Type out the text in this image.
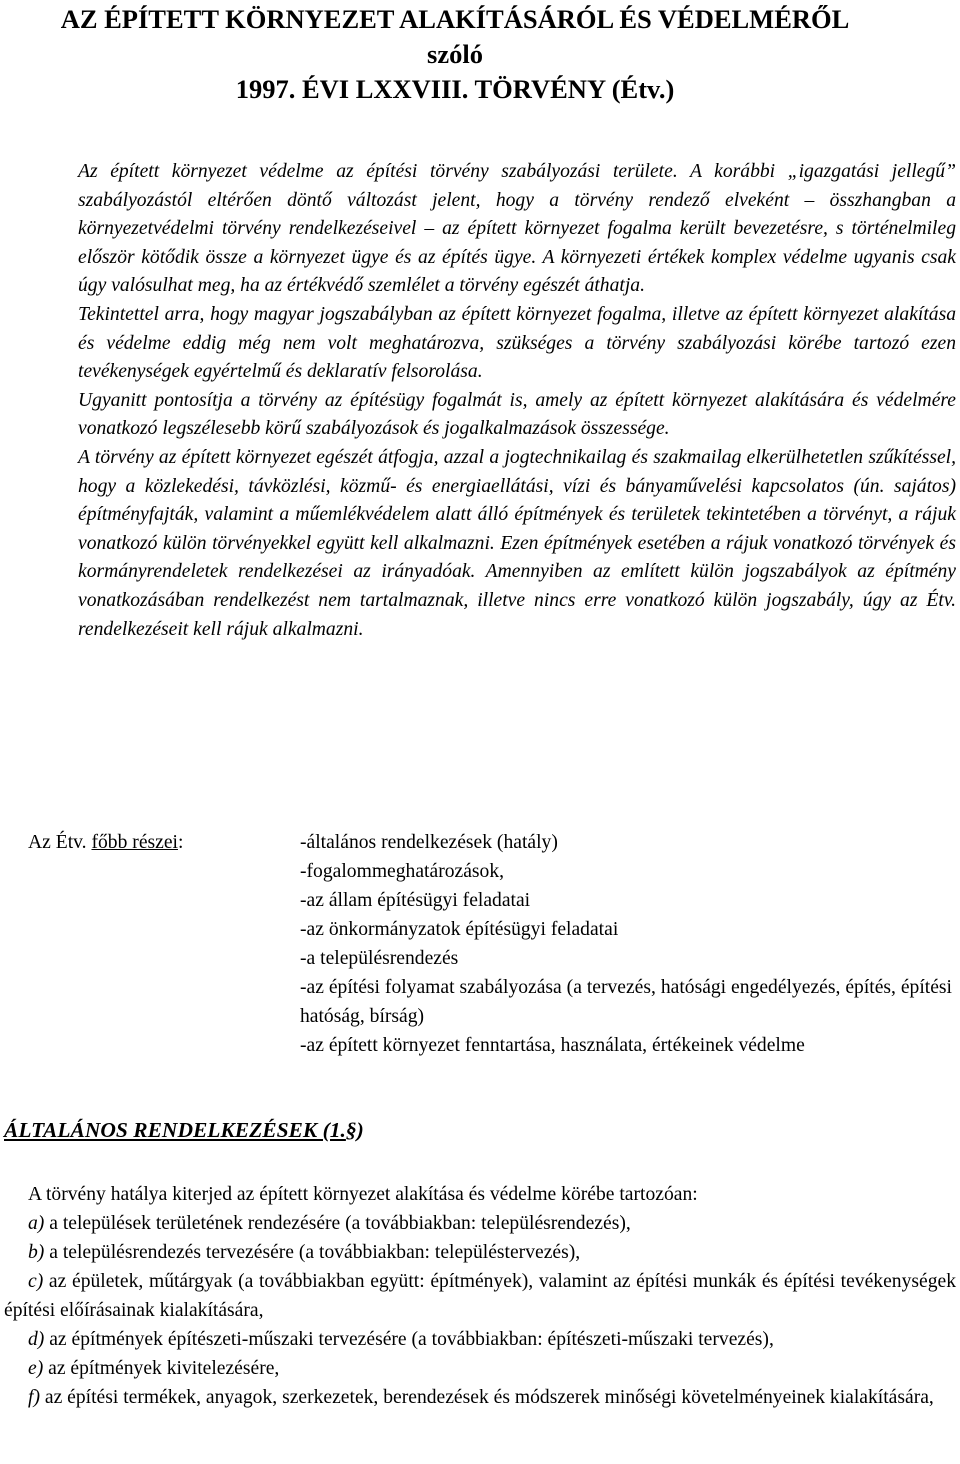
AZ ÉPÍTETT KÖRNYEZET ALAKÍTÁSÁRÓL ÉS VÉDELMÉRŐL
szóló
1997. ÉVI LXXVIII. TÖRVÉNY (Étv.)

Az épített környezet védelme az építési törvény szabályozási területe. A korábbi „igazgatási jellegű” szabályozástól eltérően döntő változást jelent, hogy a törvény rendező elveként – összhangban a környezetvédelmi törvény rendelkezéseivel – az épített környezet fogalma került bevezetésre, s történelmileg először kötődik össze a környezet ügye és az építés ügye. A környezeti értékek komplex védelme ugyanis csak úgy valósulhat meg, ha az értékvédő szemlélet a törvény egészét áthatja.

Tekintettel arra, hogy magyar jogszabályban az épített környezet fogalma, illetve az épített környezet alakítása és védelme eddig még nem volt meghatározva, szükséges a törvény szabályozási körébe tartozó ezen tevékenységek egyértelmű és deklaratív felsorolása.

Ugyanitt pontosítja a törvény az építésügy fogalmát is, amely az épített környezet alakítására és védelmére vonatkozó legszélesebb körű szabályozások és jogalkalmazások összessége.

A törvény az épített környezet egészét átfogja, azzal a jogtechnikailag és szakmailag elkerülhetetlen szűkítéssel, hogy a közlekedési, távközlési, közmű- és energiaellátási, vízi és bányaművelési kapcsolatos (ún. sajátos) építményfajták, valamint a műemlékvédelem alatt álló építmények és területek tekintetében a törvényt, a rájuk vonatkozó külön törvényekkel együtt kell alkalmazni. Ezen építmények esetében a rájuk vonatkozó törvények és kormányrendeletek rendelkezései az irányadóak. Amennyiben az említett külön jogszabályok az építmény vonatkozásában rendelkezést nem tartalmaznak, illetve nincs erre vonatkozó külön jogszabály, úgy az Étv. rendelkezéseit kell rájuk alkalmazni.

Az Étv. főbb részei:	-általános rendelkezések (hatály)
-fogalommeghatározások,
-az állam építésügyi feladatai
-az önkormányzatok építésügyi feladatai
-a településrendezés
-az építési folyamat szabályozása (a tervezés, hatósági engedélyezés, építés, építési hatóság, bírság)
-az épített környezet fenntartása, használata, értékeinek védelme
ÁLTALÁNOS RENDELKEZÉSEK (1.§)

A törvény hatálya kiterjed az épített környezet alakítása és védelme körébe tartozóan:

a) a települések területének rendezésére (a továbbiakban: településrendezés),

b) a településrendezés tervezésére (a továbbiakban: településtervezés),

c) az épületek, műtárgyak (a továbbiakban együtt: építmények), valamint az építési munkák és építési tevékenységek építési előírásainak kialakítására,

d) az építmények építészeti-műszaki tervezésére (a továbbiakban: építészeti-műszaki tervezés),

e) az építmények kivitelezésére,

f) az építési termékek, anyagok, szerkezetek, berendezések és módszerek minőségi követelményeinek kialakítására,
